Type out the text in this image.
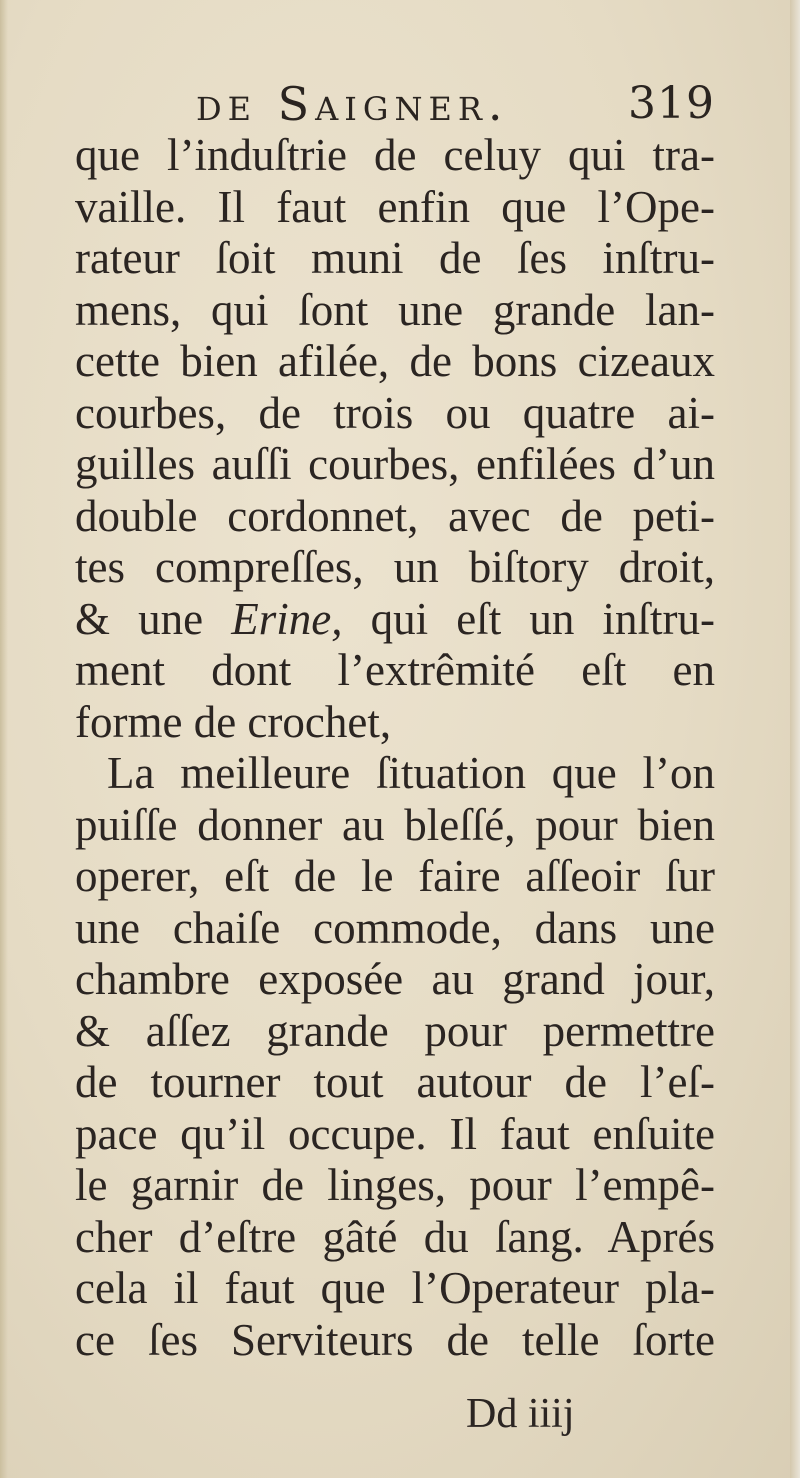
de Saigner.	319
que l’induſtrie de celuy qui tra-
vaille. Il faut enfin que l’Ope-
rateur ſoit muni de ſes inſtru-
mens, qui ſont une grande lan-
cette bien afilée, de bons cizeaux
courbes, de trois ou quatre ai-
guilles auſſi courbes, enfilées d’un
double cordonnet, avec de peti-
tes compreſſes, un biſtory droit,
& une Erine, qui eſt un inſtru-
ment dont l’extrêmité eſt en
forme de crochet,
La meilleure ſituation que l’on
puiſſe donner au bleſſé, pour bien
operer, eſt de le faire aſſeoir ſur
une chaiſe commode, dans une
chambre exposée au grand jour,
& aſſez grande pour permettre
de tourner tout autour de l’eſ-
pace qu’il occupe. Il faut enſuite
le garnir de linges, pour l’empê-
cher d’eſtre gâté du ſang. Aprés
cela il faut que l’Operateur pla-
ce ſes Serviteurs de telle ſorte
Dd iiij
